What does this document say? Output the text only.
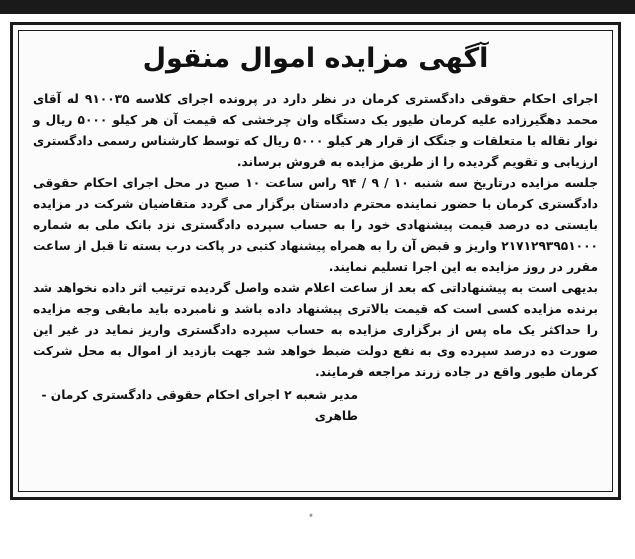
آگهی مزایده اموال منقول

اجرای احکام حقوقی دادگستری کرمان در نظر دارد در پرونده اجرای کلاسه ۹۱۰۰۳۵ له آقای محمد دهگیرزاده علیه کرمان طیور یک دستگاه وان چرخشی که قیمت آن هر کیلو ۵۰۰۰ ریال و نوار نقاله با متعلقات و جنگک از قرار هر کیلو ۵۰۰۰ ریال که توسط کارشناس رسمی دادگستری ارزیابی و تقویم گردیده را از طریق مزایده به فروش برساند.

جلسه مزایده درتاریخ سه شنبه ۱۰ / ۹ / ۹۴ راس ساعت ۱۰ صبح در محل اجرای احکام حقوقی دادگستری کرمان با حضور نماینده محترم دادستان برگزار می گردد متقاضیان شرکت در مزایده بایستی ده درصد قیمت پیشنهادی خود را به حساب سپرده دادگستری نزد بانک ملی به شماره ۲۱۷۱۲۹۳۹۵۱۰۰۰ واریز و قبض آن را به همراه پیشنهاد کتبی در پاکت درب بسته تا قبل از ساعت مقرر در روز مزایده به این اجرا تسلیم نمایند.

بدیهی است به پیشنهاداتی که بعد از ساعت اعلام شده واصل گردیده ترتیب اثر داده نخواهد شد برنده مزایده کسی است که قیمت بالاتری پیشنهاد داده باشد و نامبرده باید مابقی وجه مزایده را حداکثر یک ماه پس از برگزاری مزایده به حساب سپرده دادگستری واریز نماید در غیر این صورت ده درصد سپرده وی به نفع دولت ضبط خواهد شد جهت بازدید از اموال به محل شرکت کرمان طیور واقع در جاده زرند مراجعه فرمایند.

مدیر شعبه ۲ اجرای احکام حقوقی دادگستری کرمان - طاهری
٭
